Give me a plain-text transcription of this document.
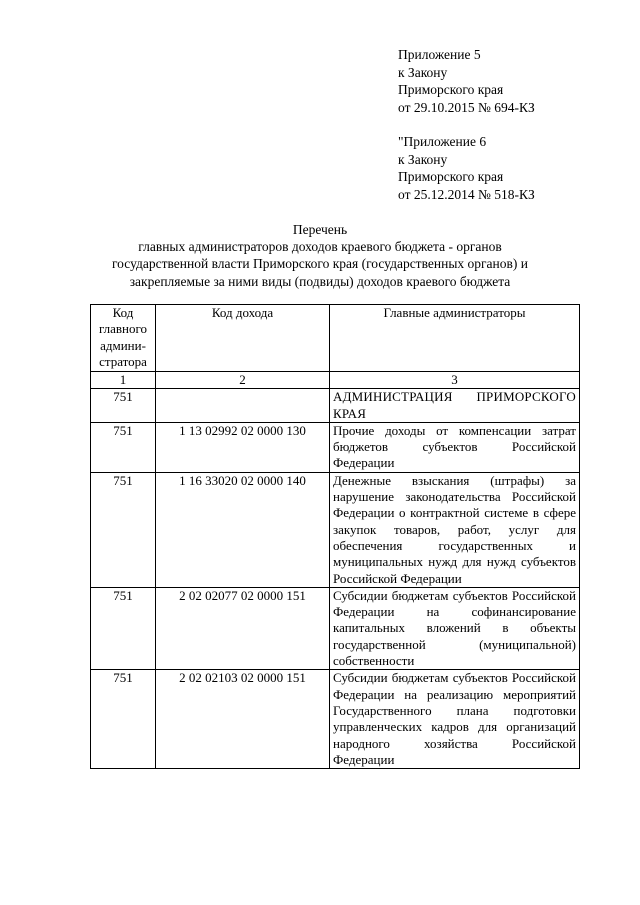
Приложение 5
к Закону
Приморского края
от 29.10.2015 № 694-КЗ
"Приложение 6
к Закону
Приморского края
от 25.12.2014 № 518-КЗ
Перечень
главных администраторов доходов краевого бюджета - органов
государственной власти Приморского края (государственных органов) и
закрепляемые за ними виды (подвиды) доходов краевого бюджета
Код главного админи- стратора	Код дохода	Главные администраторы
1	2	3
751		АДМИНИСТРАЦИЯ ПРИМОРСКОГО КРАЯ
751	1 13 02992 02 0000 130	Прочие доходы от компенсации затрат бюджетов субъектов Российской Федерации
751	1 16 33020 02 0000 140	Денежные взыскания (штрафы) за нарушение законодательства Российской Федерации о контрактной системе в сфере закупок товаров, работ, услуг для обеспечения государственных и муниципальных нужд для нужд субъектов Российской Федерации
751	2 02 02077 02 0000 151	Субсидии бюджетам субъектов Российской Федерации на софинансирование капитальных вложений в объекты государственной (муниципальной) собственности
751	2 02 02103 02 0000 151	Субсидии бюджетам субъектов Российской Федерации на реализацию мероприятий Государственного плана подготовки управленческих кадров для организаций народного хозяйства Российской Федерации
